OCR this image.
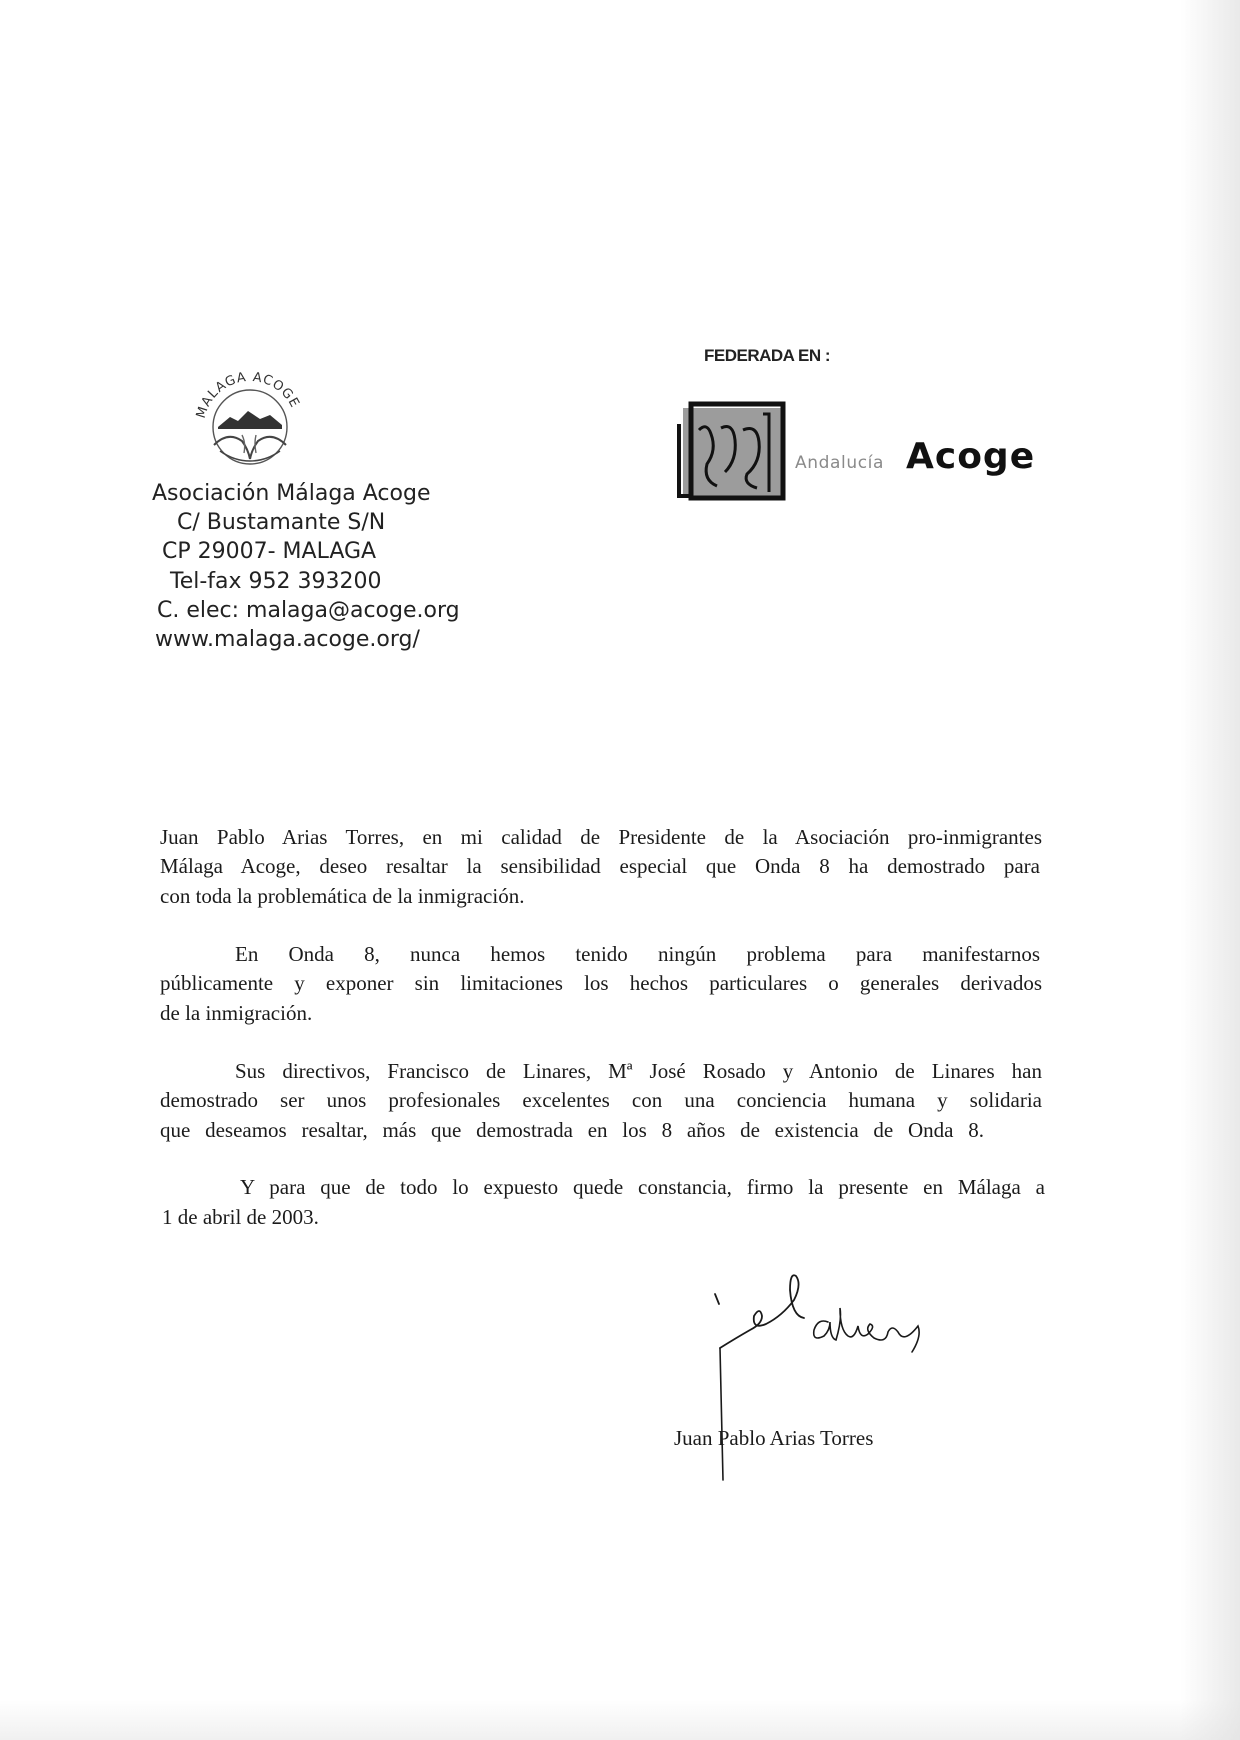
MALAGA ACOGE
Asociación Málaga Acoge
C/ Bustamante S/N
CP 29007- MALAGA
Tel-fax 952 393200
C. elec: malaga@acoge.org
www.malaga.acoge.org/
FEDERADA EN :
Andalucía Acoge
Juan Pablo Arias Torres, en mi calidad de Presidente de la Asociación pro-inmigrantes
Málaga Acoge, deseo resaltar la sensibilidad especial que Onda 8 ha demostrado para
con toda la problemática de la inmigración.
En Onda 8, nunca hemos tenido ningún problema para manifestarnos
públicamente y exponer sin limitaciones los hechos particulares o generales derivados
de la inmigración.
Sus directivos, Francisco de Linares, Mª José Rosado y Antonio de Linares han
demostrado ser unos profesionales excelentes con una conciencia humana y solidaria
que deseamos resaltar, más que demostrada en los 8 años de existencia de Onda 8.
Y para que de todo lo expuesto quede constancia, firmo la presente en Málaga a
1 de abril de 2003.
Juan Pablo Arias Torres
